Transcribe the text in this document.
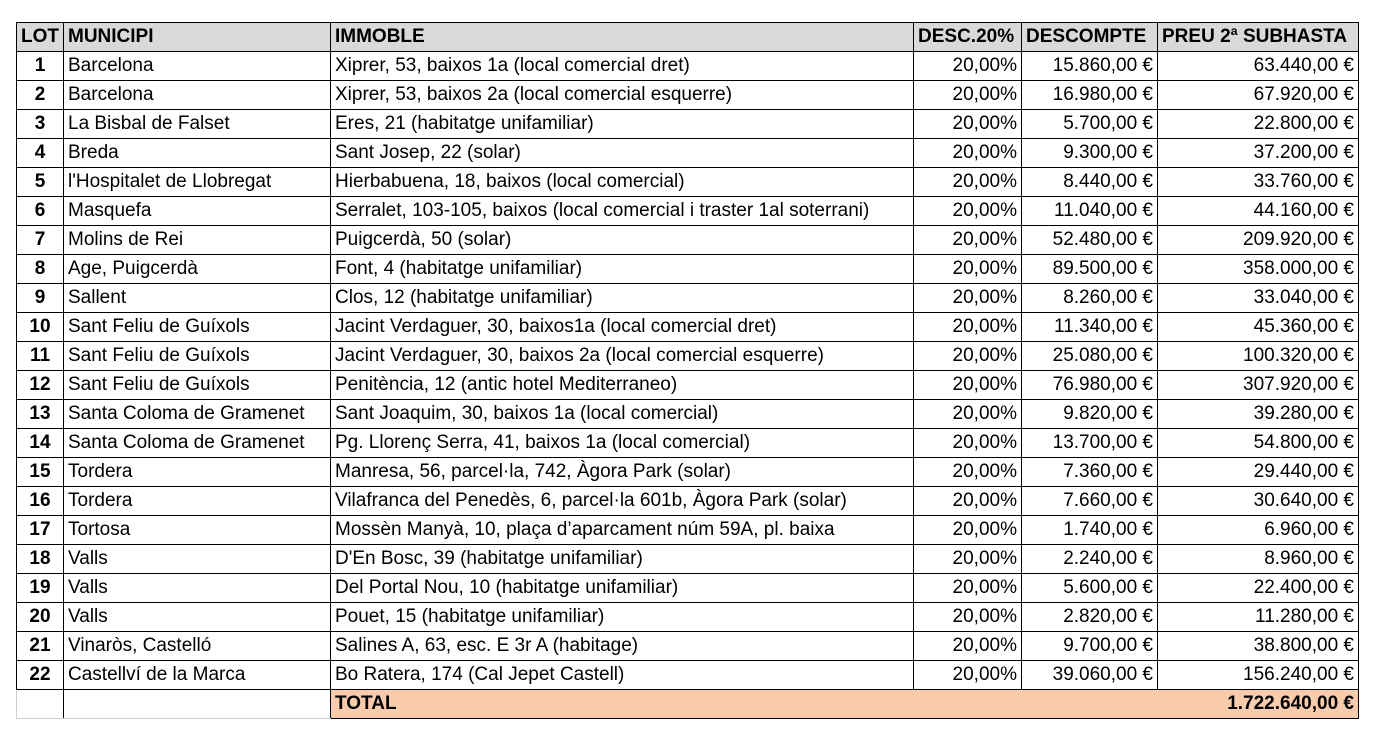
LOT	MUNICIPI	IMMOBLE	DESC.20%	DESCOMPTE	PREU 2ª SUBHASTA
1	Barcelona	Xiprer, 53, baixos 1a (local comercial dret)	20,00%	15.860,00 €	63.440,00 €
2	Barcelona	Xiprer, 53, baixos 2a (local comercial esquerre)	20,00%	16.980,00 €	67.920,00 €
3	La Bisbal de Falset	Eres, 21 (habitatge unifamiliar)	20,00%	5.700,00 €	22.800,00 €
4	Breda	Sant Josep, 22 (solar)	20,00%	9.300,00 €	37.200,00 €
5	l'Hospitalet de Llobregat	Hierbabuena, 18, baixos (local comercial)	20,00%	8.440,00 €	33.760,00 €
6	Masquefa	Serralet, 103-105, baixos (local comercial i traster 1al soterrani)	20,00%	11.040,00 €	44.160,00 €
7	Molins de Rei	Puigcerdà, 50 (solar)	20,00%	52.480,00 €	209.920,00 €
8	Age, Puigcerdà	Font, 4 (habitatge unifamiliar)	20,00%	89.500,00 €	358.000,00 €
9	Sallent	Clos, 12 (habitatge unifamiliar)	20,00%	8.260,00 €	33.040,00 €
10	Sant Feliu de Guíxols	Jacint Verdaguer, 30, baixos1a (local comercial dret)	20,00%	11.340,00 €	45.360,00 €
11	Sant Feliu de Guíxols	Jacint Verdaguer, 30, baixos 2a (local comercial esquerre)	20,00%	25.080,00 €	100.320,00 €
12	Sant Feliu de Guíxols	Penitència, 12 (antic hotel Mediterraneo)	20,00%	76.980,00 €	307.920,00 €
13	Santa Coloma de Gramenet	Sant Joaquim, 30, baixos 1a (local comercial)	20,00%	9.820,00 €	39.280,00 €
14	Santa Coloma de Gramenet	Pg. Llorenç Serra, 41, baixos 1a (local comercial)	20,00%	13.700,00 €	54.800,00 €
15	Tordera	Manresa, 56, parcel·la, 742, Àgora Park (solar)	20,00%	7.360,00 €	29.440,00 €
16	Tordera	Vilafranca del Penedès, 6, parcel·la 601b, Àgora Park (solar)	20,00%	7.660,00 €	30.640,00 €
17	Tortosa	Mossèn Manyà, 10, plaça d’aparcament núm 59A, pl. baixa	20,00%	1.740,00 €	6.960,00 €
18	Valls	D'En Bosc, 39 (habitatge unifamiliar)	20,00%	2.240,00 €	8.960,00 €
19	Valls	Del Portal Nou, 10 (habitatge unifamiliar)	20,00%	5.600,00 €	22.400,00 €
20	Valls	Pouet, 15 (habitatge unifamiliar)	20,00%	2.820,00 €	11.280,00 €
21	Vinaròs, Castelló	Salines A, 63, esc. E 3r A (habitage)	20,00%	9.700,00 €	38.800,00 €
22	Castellví de la Marca	Bo Ratera, 174 (Cal Jepet Castell)	20,00%	39.060,00 €	156.240,00 €
		TOTAL			1.722.640,00 €
